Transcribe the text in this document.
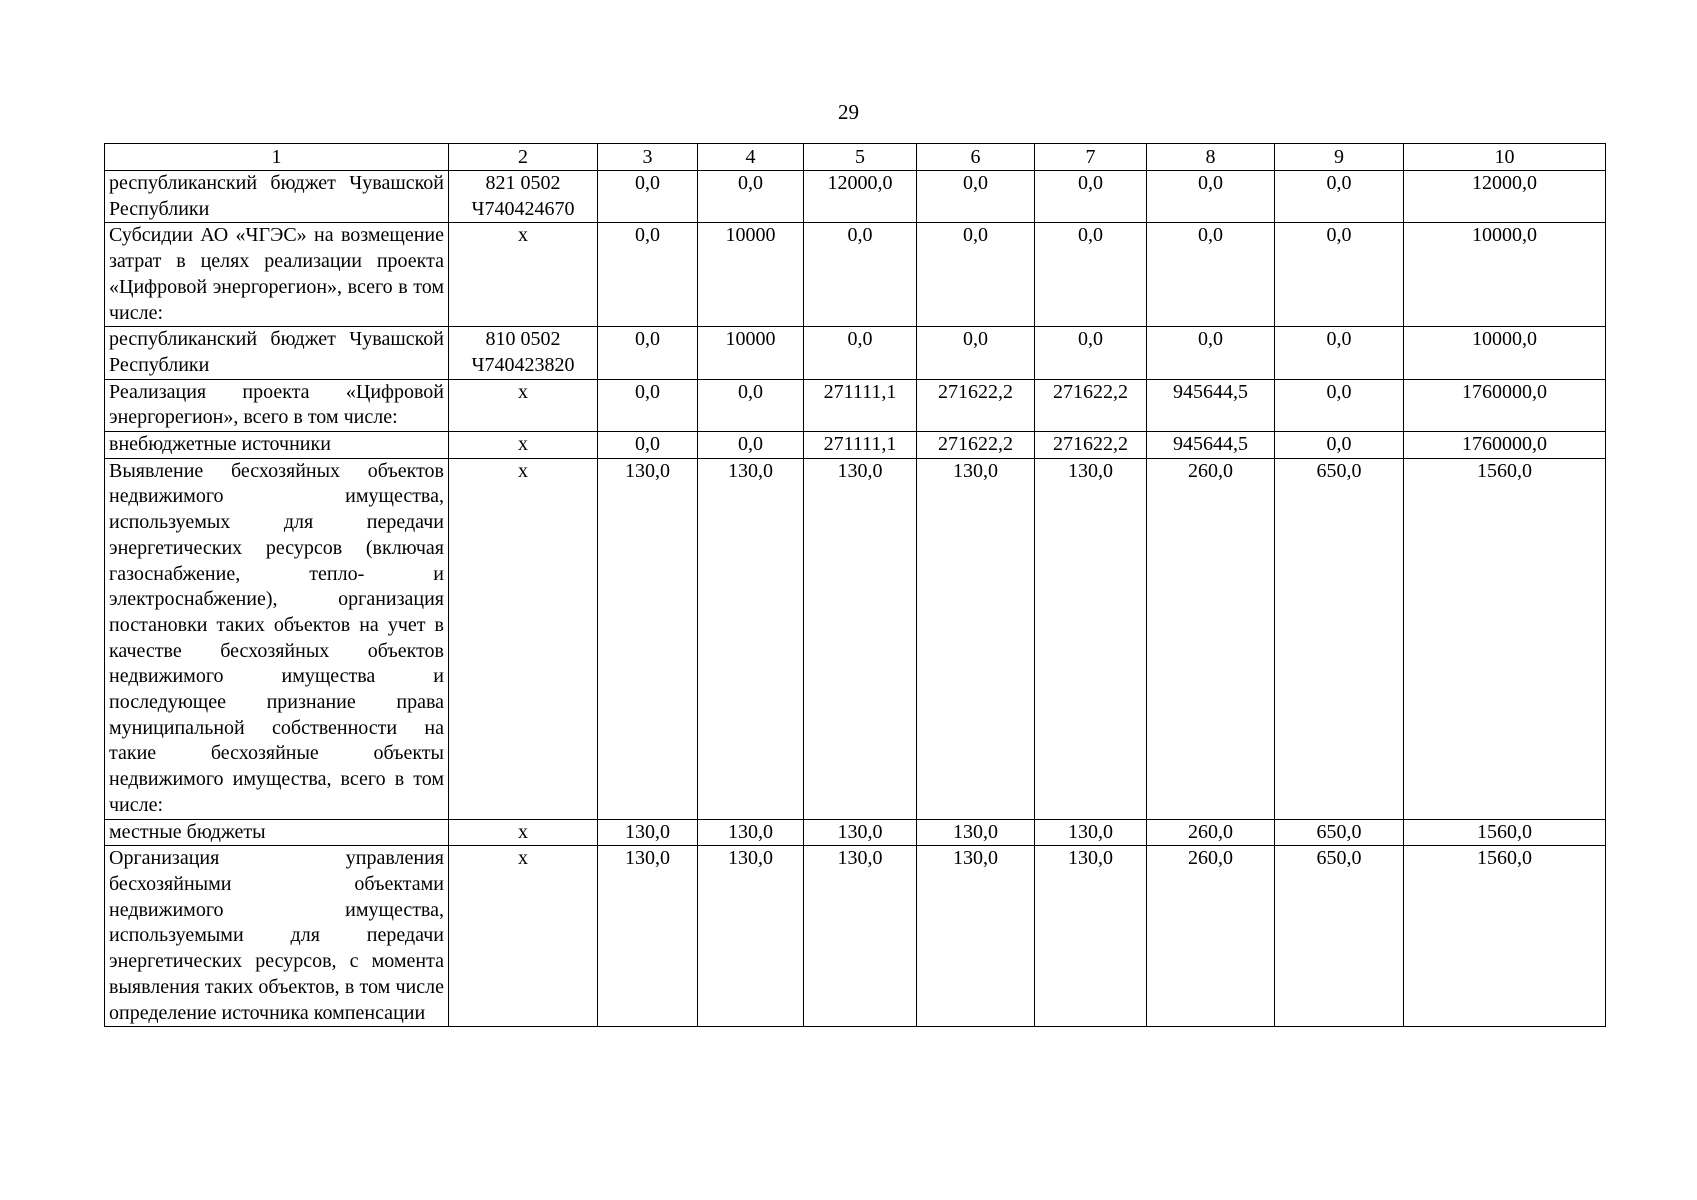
29
1	2	3	4	5	6	7	8	9	10
республиканский бюджет Чувашской Республики	821 0502 Ч740424670	0,0	0,0	12000,0	0,0	0,0	0,0	0,0	12000,0
Субсидии АО «ЧГЭС» на возмещение затрат в целях реализации проекта «Цифровой энергорегион», всего в том числе:	х	0,0	10000	0,0	0,0	0,0	0,0	0,0	10000,0
республиканский бюджет Чувашской Республики	810 0502 Ч740423820	0,0	10000	0,0	0,0	0,0	0,0	0,0	10000,0
Реализация проекта «Цифровой энергорегион», всего в том числе:	х	0,0	0,0	271111,1	271622,2	271622,2	945644,5	0,0	1760000,0
внебюджетные источники	х	0,0	0,0	271111,1	271622,2	271622,2	945644,5	0,0	1760000,0
Выявление бесхозяйных объектов недвижимого имущества, используемых для передачи энергетических ресурсов (включая газоснабжение, тепло- и электроснабжение), организация постановки таких объектов на учет в качестве бесхозяйных объектов недвижимого имущества и последующее признание права муниципальной собственности на такие бесхозяйные объекты недвижимого имущества, всего в том числе:	х	130,0	130,0	130,0	130,0	130,0	260,0	650,0	1560,0
местные бюджеты	х	130,0	130,0	130,0	130,0	130,0	260,0	650,0	1560,0
Организация управления бесхозяйными объектами недвижимого имущества, используемыми для передачи энергетических ресурсов, с момента выявления таких объектов, в том числе определение источника компенсации	х	130,0	130,0	130,0	130,0	130,0	260,0	650,0	1560,0
